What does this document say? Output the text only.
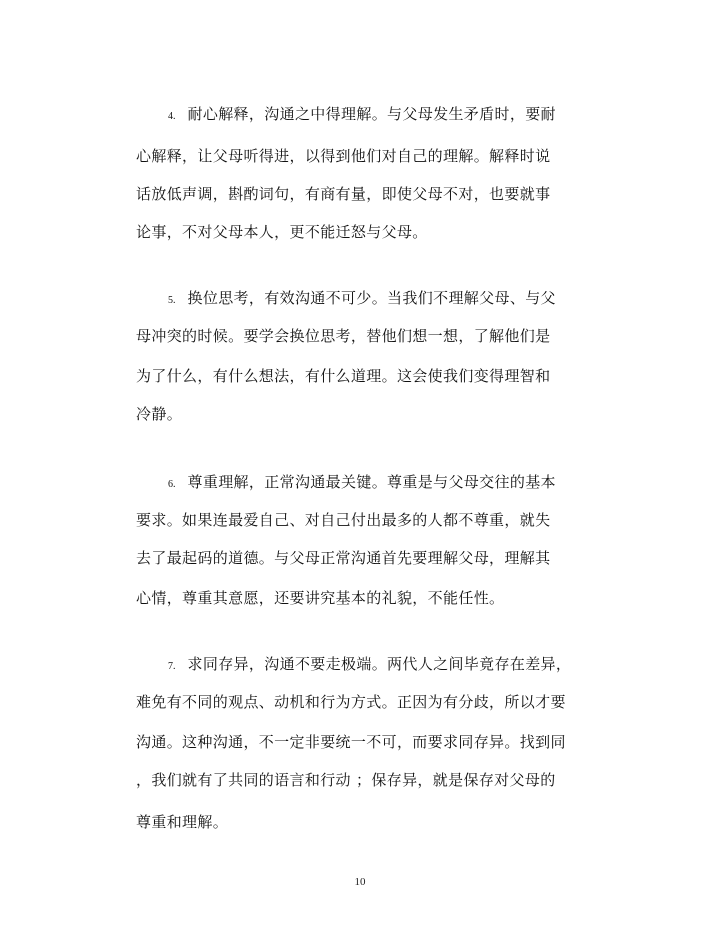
4. 耐心解释，沟通之中得理解。与父母发生矛盾时，要耐
心解释，让父母听得进，以得到他们对自己的理解。解释时说
话放低声调，斟酌词句，有商有量，即使父母不对，也要就事
论事，不对父母本人，更不能迁怒与父母。
5. 换位思考，有效沟通不可少。当我们不理解父母、与父
母冲突的时候。要学会换位思考，替他们想一想，了解他们是
为了什么，有什么想法，有什么道理。这会使我们变得理智和
冷静。
6. 尊重理解，正常沟通最关键。尊重是与父母交往的基本
要求。如果连最爱自己、对自己付出最多的人都不尊重，就失
去了最起码的道德。与父母正常沟通首先要理解父母，理解其
心情，尊重其意愿，还要讲究基本的礼貌，不能任性。
7. 求同存异，沟通不要走极端。两代人之间毕竟存在差异，
难免有不同的观点、动机和行为方式。正因为有分歧，所以才要
沟通。这种沟通，不一定非要统一不可，而要求同存异。找到同
，我们就有了共同的语言和行动 ；保存异，就是保存对父母的
尊重和理解。
10
